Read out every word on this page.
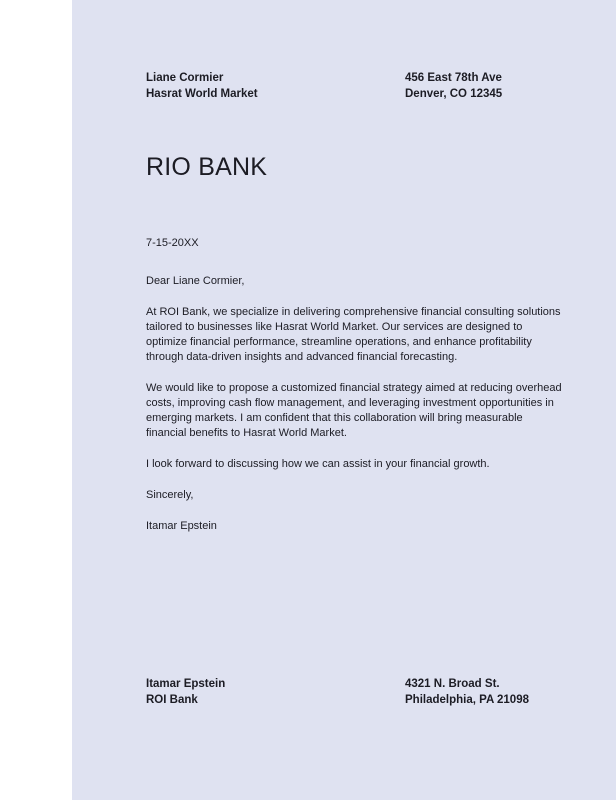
Liane Cormier
Hasrat World Market
456 East 78th Ave
Denver, CO 12345
RIO BANK
7-15-20XX

Dear Liane Cormier,

At ROI Bank, we specialize in delivering comprehensive financial consulting solutions tailored to businesses like Hasrat World Market. Our services are designed to optimize financial performance, streamline operations, and enhance profitability through data-driven insights and advanced financial forecasting.

We would like to propose a customized financial strategy aimed at reducing overhead costs, improving cash flow management, and leveraging investment opportunities in emerging markets. I am confident that this collaboration will bring measurable financial benefits to Hasrat World Market.

I look forward to discussing how we can assist in your financial growth.

Sincerely,

Itamar Epstein

Itamar Epstein
ROI Bank
4321 N. Broad St.
Philadelphia, PA 21098
